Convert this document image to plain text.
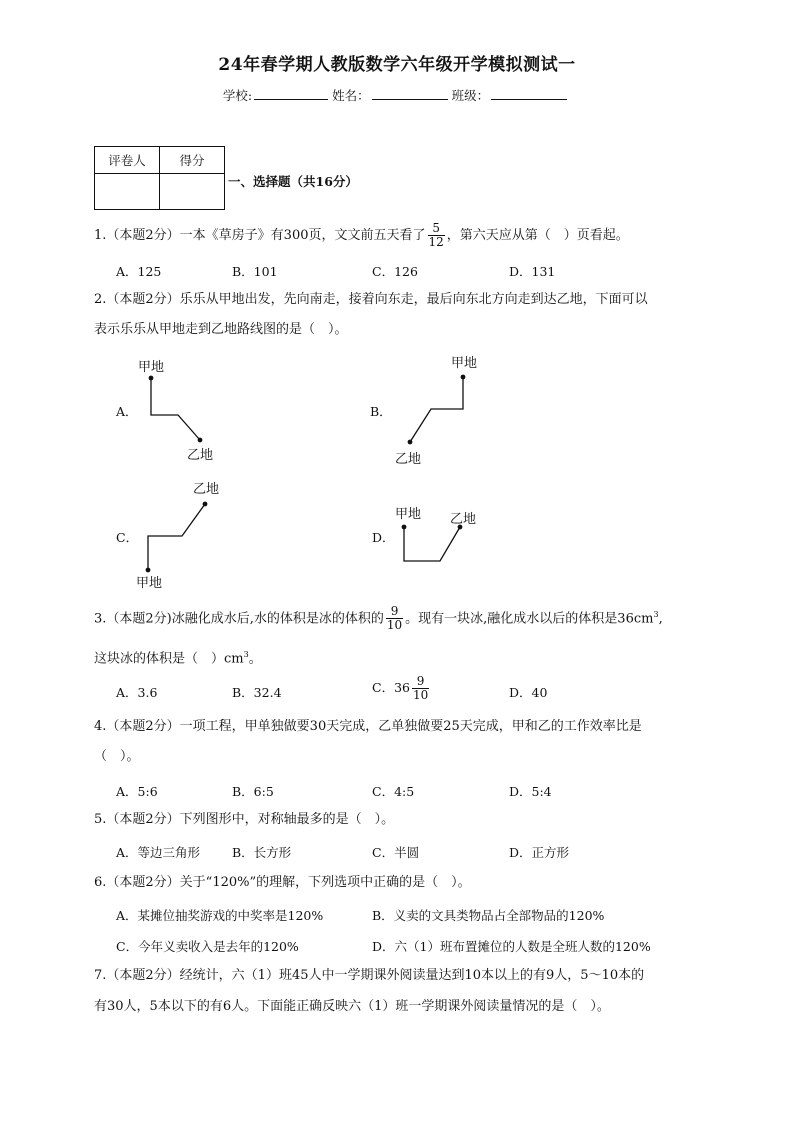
24年春学期人教版数学六年级开学模拟测试一
学校:	姓名：	班级：
评卷人	得分

一、选择题（共16分）
1.（本题2分）一本《草房子》有300页，文文前五天看了 $\frac{5}{12}$ ，第六天应从第（　）页看起。
A．125	B．101	C．126	D．131
2.（本题2分）乐乐从甲地出发，先向南走，接着向东走，最后向东北方向走到达乙地，下面可以
表示乐乐从甲地走到乙地路线图的是（　）。
A．
甲地
乙地
B．
甲地
乙地
C．
乙地
甲地
D．
甲地 乙地
3.（本题2分)冰融化成水后,水的体积是冰的体积的 $\frac{9}{10}$ 。现有一块冰,融化成水以后的体积是$36cm^3$,
这块冰的体积是（　）$cm^3$。
A．3.6	B．32.4	C．$36 \frac{9}{10}$	D．40
4.（本题2分）一项工程，甲单独做要30天完成，乙单独做要25天完成，甲和乙的工作效率比是
（　）。
A．5:6	B．6:5	C．4:5	D．5:4
5.（本题2分）下列图形中，对称轴最多的是（　）。
A．等边三角形	B．长方形	C．半圆	D．正方形
6.（本题2分）关于“120%”的理解，下列选项中正确的是（　）。
A．某摊位抽奖游戏的中奖率是120%	B．义卖的文具类物品占全部物品的120%
C．今年义卖收入是去年的120%	D．六（1）班布置摊位的人数是全班人数的120%
7.（本题2分）经统计，六（1）班45人中一学期课外阅读量达到10本以上的有9人，5～10本的
有30人，5本以下的有6人。下面能正确反映六（1）班一学期课外阅读量情况的是（　）。
